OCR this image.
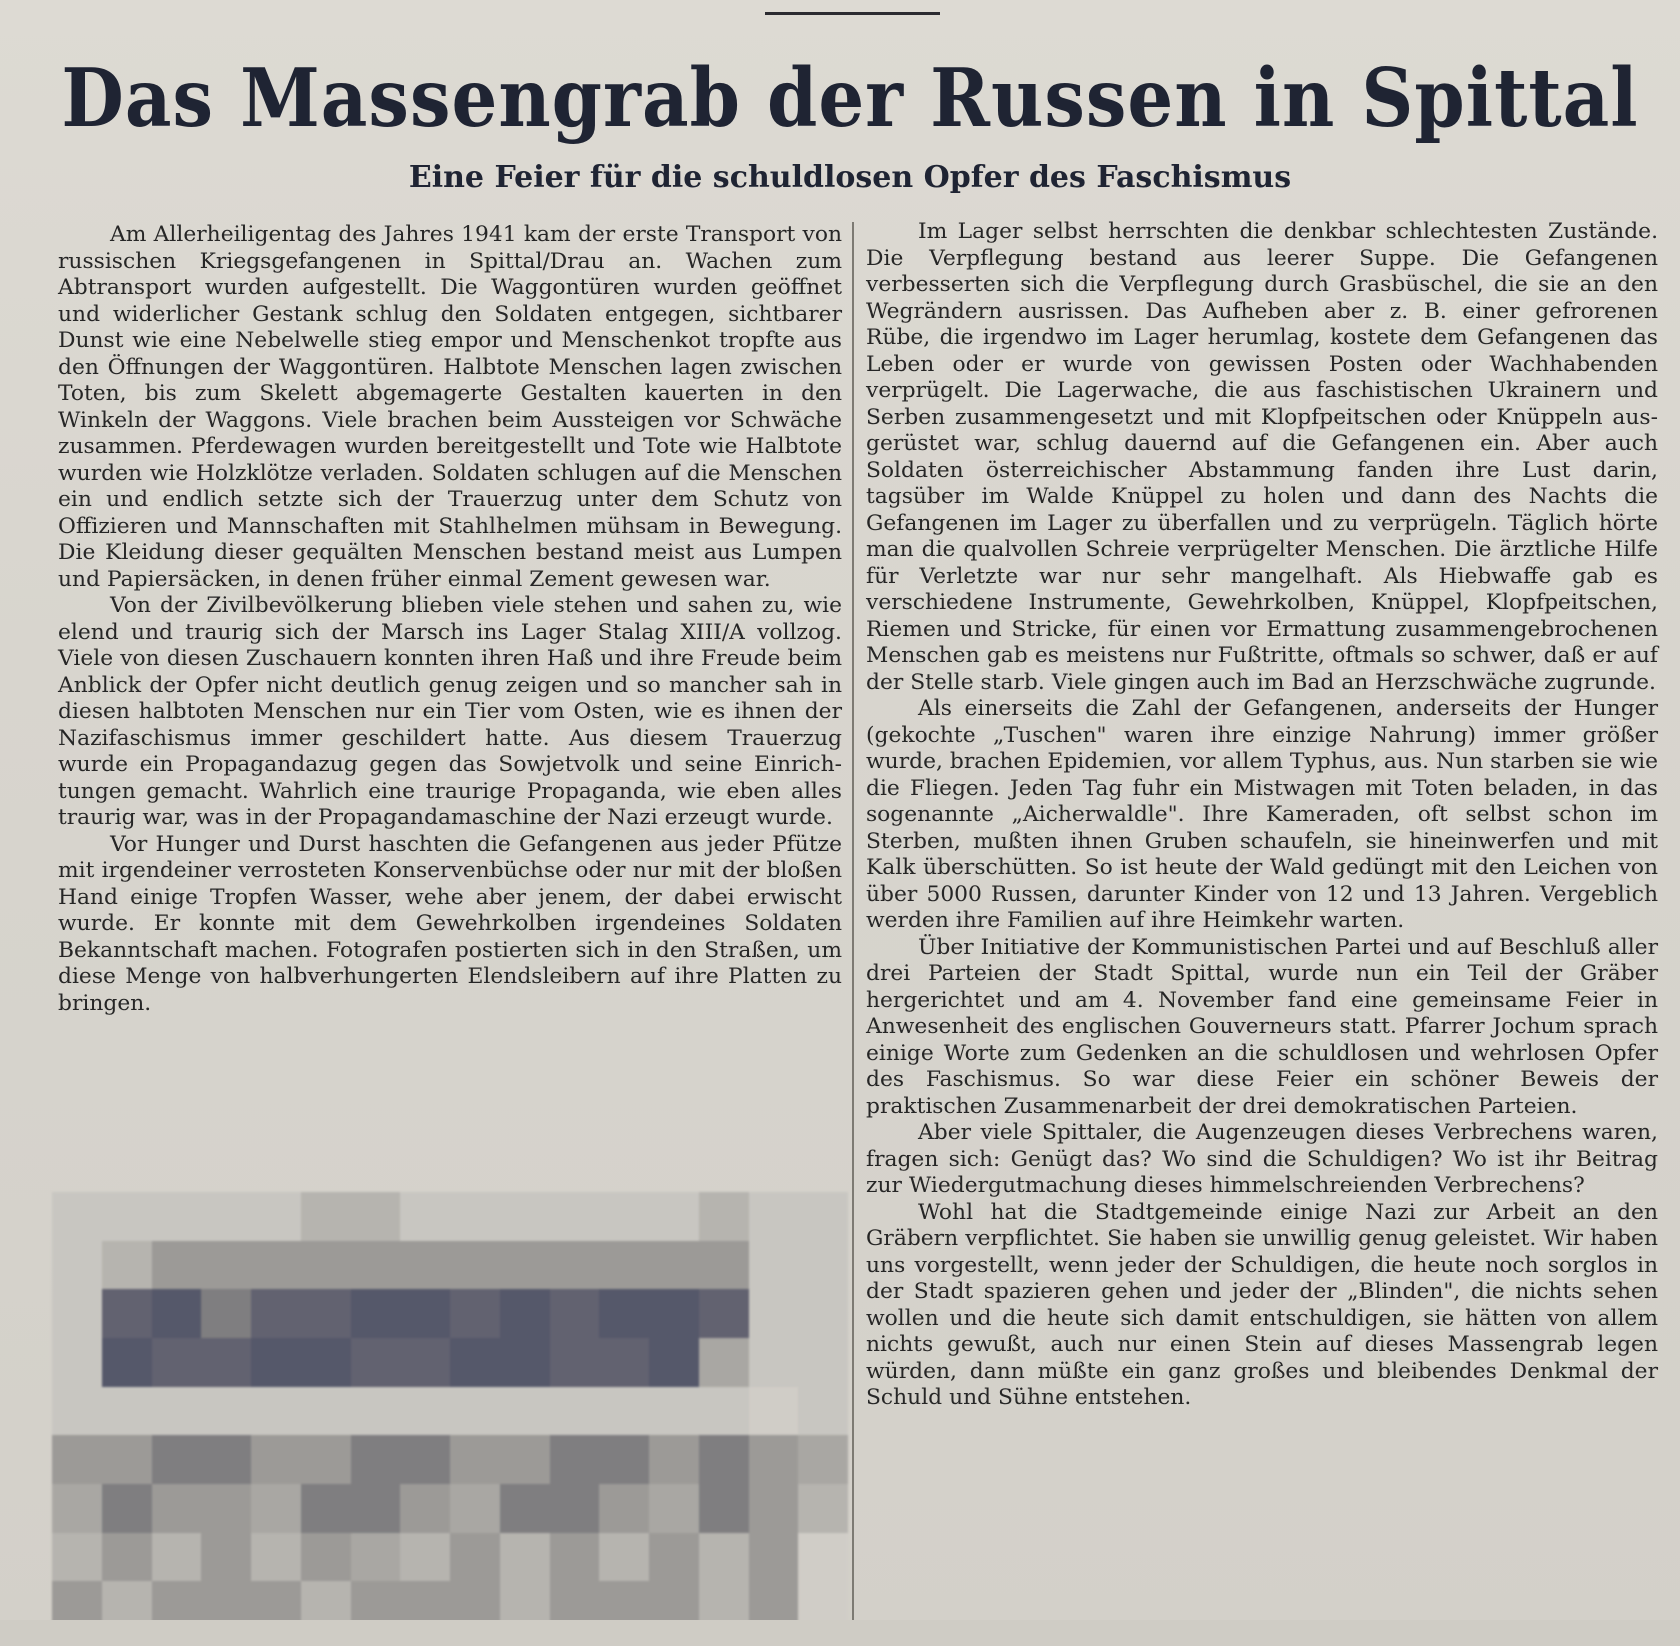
Das Massengrab der Russen in Spittal
Eine Feier für die schuldlosen Opfer des Faschismus

Am Allerheiligentag des Jahres 1941 kam der erste Transport von russischen Kriegsgefangenen in Spittal/Drau an. Wachen zum Abtransport wurden aufgestellt. Die Waggontüren wurden geöffnet und widerlicher Gestank schlug den Soldaten entgegen, sichtbarer Dunst wie eine Nebelwelle stieg empor und Menschenkot tropfte aus den Öffnungen der Waggontüren. Halbtote Menschen lagen zwischen Toten, bis zum Skelett abgemagerte Gestalten kauerten in den Winkeln der Waggons. Viele brachen beim Aussteigen vor Schwäche zusammen. Pferdewagen wurden bereitgestellt und Tote wie Halbtote wurden wie Holzklötze verladen. Soldaten schlugen auf die Menschen ein und endlich setzte sich der Trauerzug unter dem Schutz von Offizieren und Mannschaften mit Stahlhelmen mühsam in Bewegung. Die Kleidung dieser gequälten Menschen bestand meist aus Lumpen und Papiersäcken, in denen früher einmal Zement gewesen war.

Von der Zivilbevölkerung blieben viele stehen und sahen zu, wie elend und traurig sich der Marsch ins Lager Stalag XIII/A vollzog. Viele von diesen Zuschauern konnten ihren Haß und ihre Freude beim Anblick der Opfer nicht deutlich genug zeigen und so mancher sah in diesen halbtoten Menschen nur ein Tier vom Osten, wie es ihnen der Nazifaschismus immer geschildert hatte. Aus diesem Trauerzug wurde ein Propagandazug gegen das Sowjetvolk und seine Einrichtungen gemacht. Wahrlich eine traurige Propaganda, wie eben alles traurig war, was in der Propagandamaschine der Nazi erzeugt wurde.

Vor Hunger und Durst haschten die Gefangenen aus jeder Pfütze mit irgendeiner verrosteten Konservenbüchse oder nur mit der bloßen Hand einige Tropfen Wasser, wehe aber jenem, der dabei erwischt wurde. Er konnte mit dem Gewehrkolben irgendeines Soldaten Bekanntschaft machen. Fotografen postierten sich in den Straßen, um diese Menge von halbverhungerten Elendsleibern auf ihre Platten zu bringen.

Im Lager selbst herrschten die denkbar schlechtesten Zustände. Die Verpflegung bestand aus leerer Suppe. Die Gefangenen verbesserten sich die Verpflegung durch Grasbüschel, die sie an den Wegrändern ausrissen. Das Aufheben aber z. B. einer gefrorenen Rübe, die irgendwo im Lager herumlag, kostete dem Gefangenen das Leben oder er wurde von gewissen Posten oder Wachhabenden verprügelt. Die Lagerwache, die aus faschistischen Ukrainern und Serben zusammengesetzt und mit Klopfpeitschen oder Knüppeln ausgerüstet war, schlug dauernd auf die Gefangenen ein. Aber auch Soldaten österreichischer Abstammung fanden ihre Lust darin, tagsüber im Walde Knüppel zu holen und dann des Nachts die Gefangenen im Lager zu überfallen und zu verprügeln. Täglich hörte man die qualvollen Schreie verprügelter Menschen. Die ärztliche Hilfe für Verletzte war nur sehr mangelhaft. Als Hiebwaffe gab es verschiedene Instrumente, Gewehrkolben, Knüppel, Klopfpeitschen, Riemen und Stricke, für einen vor Ermattung zusammengebrochenen Menschen gab es meistens nur Fußtritte, oftmals so schwer, daß er auf der Stelle starb. Viele gingen auch im Bad an Herzschwäche zugrunde.

Als einerseits die Zahl der Gefangenen, anderseits der Hunger (gekochte „Tuschen" waren ihre einzige Nahrung) immer größer wurde, brachen Epidemien, vor allem Typhus, aus. Nun starben sie wie die Fliegen. Jeden Tag fuhr ein Mistwagen mit Toten beladen, in das sogenannte „Aicherwaldle". Ihre Kameraden, oft selbst schon im Sterben, mußten ihnen Gruben schaufeln, sie hineinwerfen und mit Kalk überschütten. So ist heute der Wald gedüngt mit den Leichen von über 5000 Russen, darunter Kinder von 12 und 13 Jahren. Vergeblich werden ihre Familien auf ihre Heimkehr warten.

Über Initiative der Kommunistischen Partei und auf Beschluß aller drei Parteien der Stadt Spittal, wurde nun ein Teil der Gräber hergerichtet und am 4. November fand eine gemeinsame Feier in Anwesenheit des englischen Gouverneurs statt. Pfarrer Jochum sprach einige Worte zum Gedenken an die schuldlosen und wehrlosen Opfer des Faschismus. So war diese Feier ein schöner Beweis der praktischen Zusammenarbeit der drei demokratischen Parteien.

Aber viele Spittaler, die Augenzeugen dieses Verbrechens waren, fragen sich: Genügt das? Wo sind die Schuldigen? Wo ist ihr Beitrag zur Wiedergutmachung dieses himmelschreienden Verbrechens?

Wohl hat die Stadtgemeinde einige Nazi zur Arbeit an den Gräbern verpflichtet. Sie haben sie unwillig genug geleistet. Wir haben uns vorgestellt, wenn jeder der Schuldigen, die heute noch sorglos in der Stadt spazieren gehen und jeder der „Blinden", die nichts sehen wollen und die heute sich damit entschuldigen, sie hätten von allem nichts gewußt, auch nur einen Stein auf dieses Massengrab legen würden, dann müßte ein ganz großes und bleibendes Denkmal der Schuld und Sühne entstehen.
